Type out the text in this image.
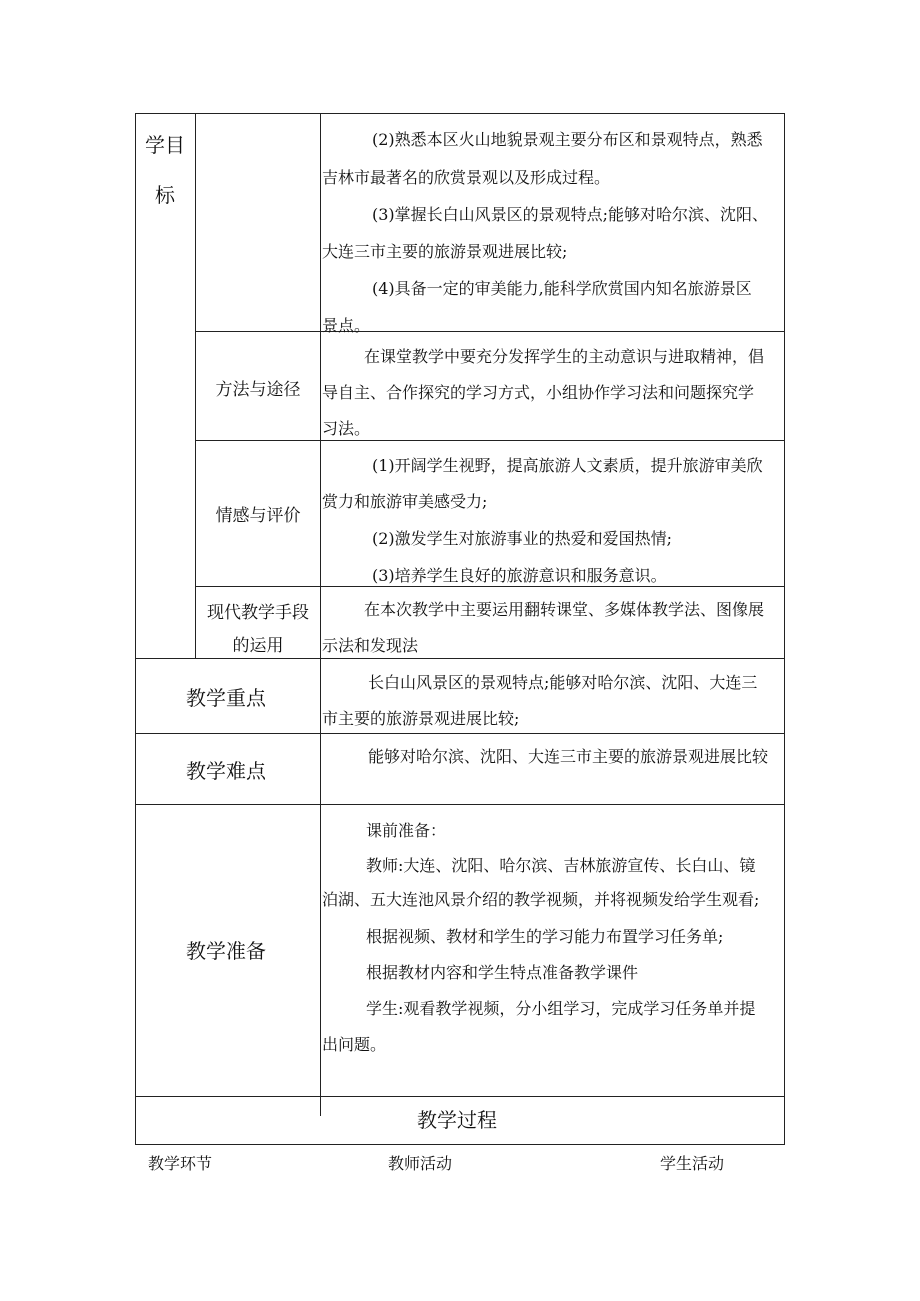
学目
标
(2)熟悉本区火山地貌景观主要分布区和景观特点，熟悉
吉林市最著名的欣赏景观以及形成过程。
(3)掌握长白山风景区的景观特点;能够对哈尔滨、沈阳、
大连三市主要的旅游景观进展比较;
(4)具备一定的审美能力,能科学欣赏国内知名旅游景区
景点。
方法与途径
在课堂教学中要充分发挥学生的主动意识与进取精神，倡
导自主、合作探究的学习方式，小组协作学习法和问题探究学
习法。
情感与评价
(1)开阔学生视野，提高旅游人文素质，提升旅游审美欣
赏力和旅游审美感受力;
(2)激发学生对旅游事业的热爱和爱国热情;
(3)培养学生良好的旅游意识和服务意识。
现代教学手段
的运用
在本次教学中主要运用翻转课堂、多媒体教学法、图像展
示法和发现法
教学重点
长白山风景区的景观特点;能够对哈尔滨、沈阳、大连三
市主要的旅游景观进展比较;
教学难点
能够对哈尔滨、沈阳、大连三市主要的旅游景观进展比较
教学准备
课前准备：
教师:大连、沈阳、哈尔滨、吉林旅游宣传、长白山、镜
泊湖、五大连池风景介绍的教学视频，并将视频发给学生观看;
根据视频、教材和学生的学习能力布置学习任务单;
根据教材内容和学生特点准备教学课件
学生:观看教学视频，分小组学习，完成学习任务单并提
出问题。
教学过程
教学环节	教师活动	学生活动
